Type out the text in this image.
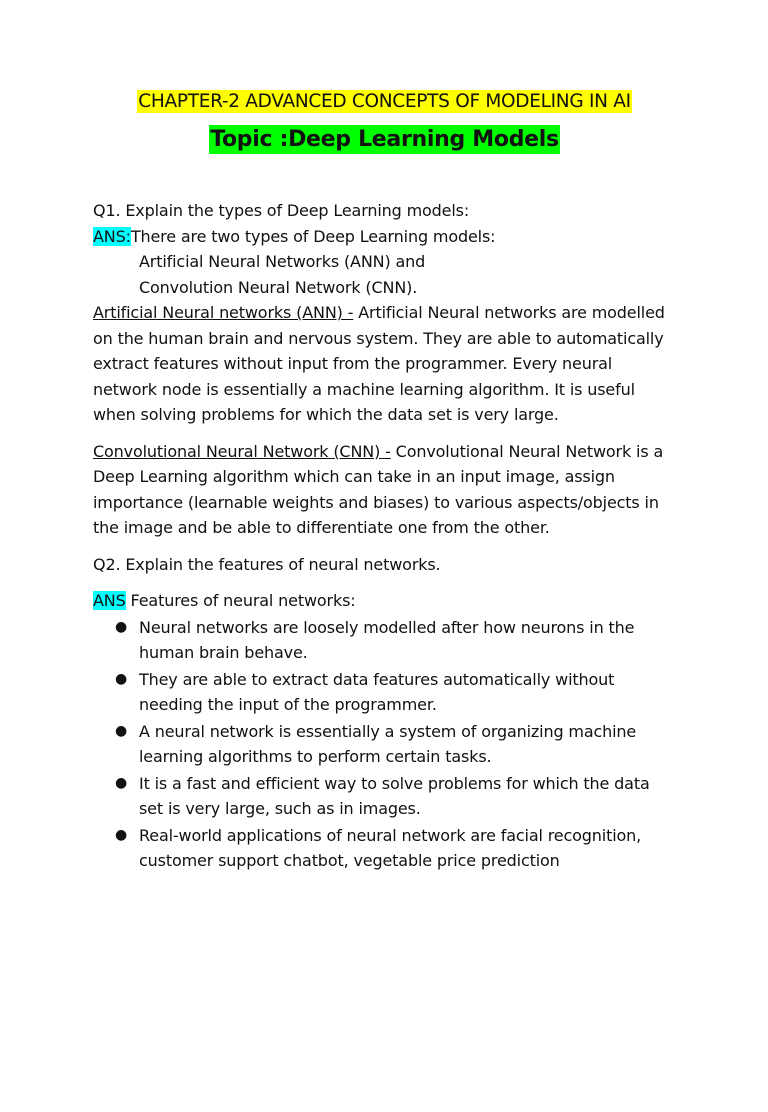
CHAPTER-2 ADVANCED CONCEPTS OF MODELING IN AI
Topic :Deep Learning Models

Q1. Explain the types of Deep Learning models:

ANS:There are two types of Deep Learning models:

Artificial Neural Networks (ANN) and

Convolution Neural Network (CNN).

Artificial Neural networks (ANN) - Artificial Neural networks are modelled on the human brain and nervous system. They are able to automatically extract features without input from the programmer. Every neural network node is essentially a machine learning algorithm. It is useful when solving problems for which the data set is very large.

Convolutional Neural Network (CNN) - Convolutional Neural Network is a Deep Learning algorithm which can take in an input image, assign importance (learnable weights and biases) to various aspects/objects in the image and be able to differentiate one from the other.

Q2. Explain the features of neural networks.

ANS Features of neural networks:

● Neural networks are loosely modelled after how neurons in the human brain behave.
● They are able to extract data features automatically without needing the input of the programmer.
● A neural network is essentially a system of organizing machine learning algorithms to perform certain tasks.
● It is a fast and efficient way to solve problems for which the data set is very large, such as in images.
● Real-world applications of neural network are facial recognition, customer support chatbot, vegetable price prediction
